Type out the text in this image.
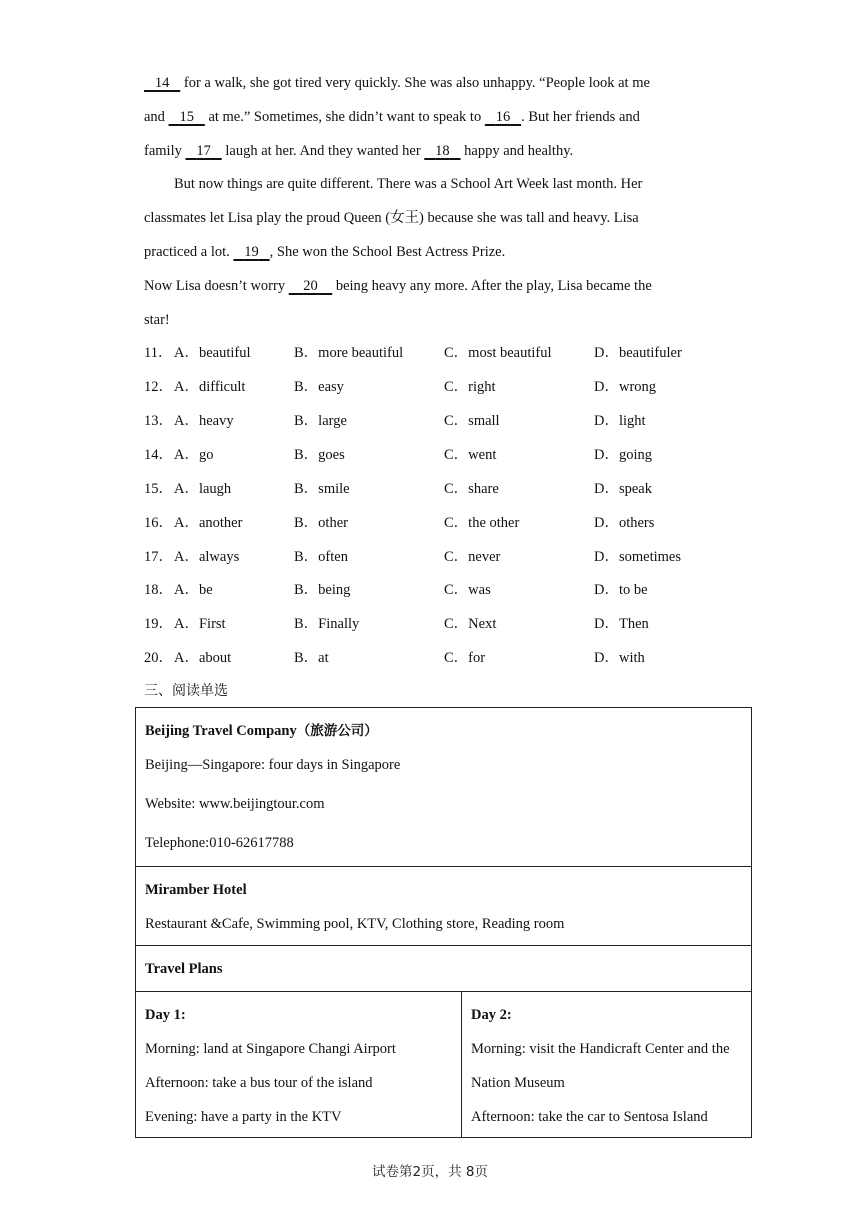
14    for a walk, she got tired very quickly. She was also unhappy. “People look at me
and    15    at me.” Sometimes, she didn’t want to speak to    16 . But her friends and
family    17    laugh at her. And they wanted her    18    happy and healthy.
But now things are quite different. There was a School Art Week last month. Her
classmates let Lisa play the proud Queen (女王) because she was tall and heavy. Lisa
practiced a lot.    19 , She won the School Best Actress Prize.
Now Lisa doesn’t worry     20     being heavy any more. After the play, Lisa became the
star!
11． A．beautiful	B．more beautiful	C．most beautiful	D．beautifuler
12． A．difficult	B．easy	C．right	D．wrong
13． A．heavy	B．large	C．small	D．light
14． A．go	B．goes	C．went	D．going
15． A．laugh	B．smile	C．share	D．speak
16． A．another	B．other	C．the other	D．others
17． A．always	B．often	C．never	D．sometimes
18． A．be	B．being	C．was	D．to be
19． A．First	B．Finally	C．Next	D．Then
20． A．about	B．at	C．for	D．with
三、阅读单选
Beijing Travel Company（旅游公司）
Beijing—Singapore: four days in Singapore
Website: www.beijingtour.com
Telephone:010-62617788

Miramber Hotel
Restaurant &Cafe, Swimming pool, KTV, Clothing store, Reading room

Travel Plans

Day 1:
Morning: land at Singapore Changi Airport
Afternoon: take a bus tour of the island
Evening: have a party in the KTV

Day 2:
Morning: visit the Handicraft Center and the
Nation Museum
Afternoon: take the car to Sentosa Island
试卷第2页，共 8页
